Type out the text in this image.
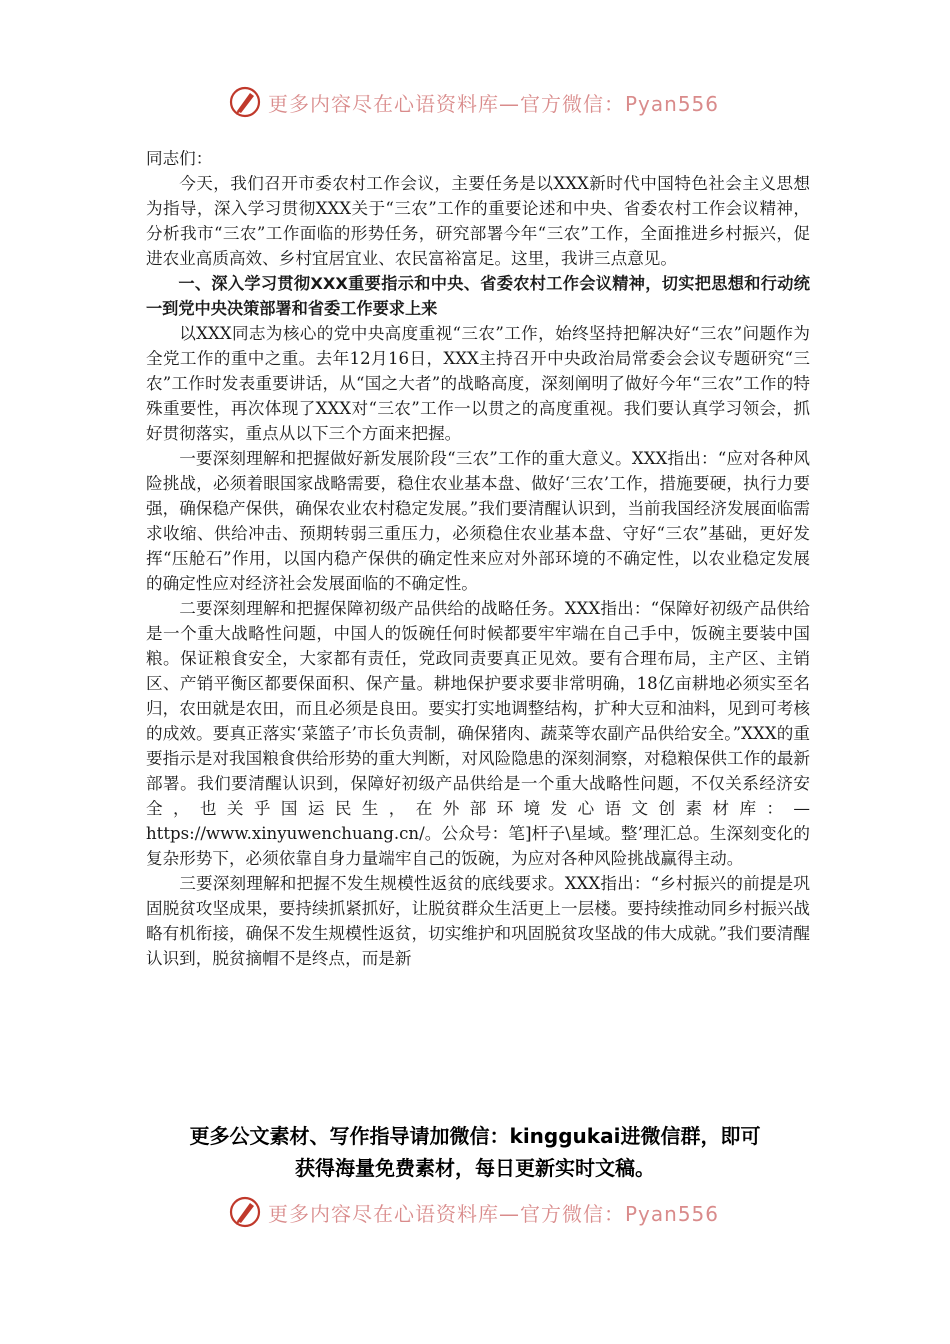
更多内容尽在心语资料库—官方微信：Pyan556

同志们：

今天，我们召开市委农村工作会议，主要任务是以XXX新时代中国特色社会主义思想为指导，深入学习贯彻XXX关于“三农”工作的重要论述和中央、省委农村工作会议精神，分析我市“三农”工作面临的形势任务，研究部署今年“三农”工作，全面推进乡村振兴，促进农业高质高效、乡村宜居宜业、农民富裕富足。这里，我讲三点意见。

一、深入学习贯彻XXX重要指示和中央、省委农村工作会议精神，切实把思想和行动统一到党中央决策部署和省委工作要求上来

以XXX同志为核心的党中央高度重视“三农”工作，始终坚持把解决好“三农”问题作为全党工作的重中之重。去年12月16日，XXX主持召开中央政治局常委会会议专题研究“三农”工作时发表重要讲话，从“国之大者”的战略高度，深刻阐明了做好今年“三农”工作的特殊重要性，再次体现了XXX对“三农”工作一以贯之的高度重视。我们要认真学习领会，抓好贯彻落实，重点从以下三个方面来把握。

一要深刻理解和把握做好新发展阶段“三农”工作的重大意义。XXX指出：“应对各种风险挑战，必须着眼国家战略需要，稳住农业基本盘、做好‘三农’工作，措施要硬，执行力要强，确保稳产保供，确保农业农村稳定发展。”我们要清醒认识到，当前我国经济发展面临需求收缩、供给冲击、预期转弱三重压力，必须稳住农业基本盘、守好“三农”基础，更好发挥“压舱石”作用，以国内稳产保供的确定性来应对外部环境的不确定性，以农业稳定发展的确定性应对经济社会发展面临的不确定性。

二要深刻理解和把握保障初级产品供给的战略任务。XXX指出：“保障好初级产品供给是一个重大战略性问题，中国人的饭碗任何时候都要牢牢端在自己手中，饭碗主要装中国粮。保证粮食安全，大家都有责任，党政同责要真正见效。要有合理布局，主产区、主销区、产销平衡区都要保面积、保产量。耕地保护要求要非常明确，18亿亩耕地必须实至名归，农田就是农田，而且必须是良田。要实打实地调整结构，扩种大豆和油料，见到可考核的成效。要真正落实‘菜篮子’市长负责制，确保猪肉、蔬菜等农副产品供给安全。”XXX的重要指示是对我国粮食供给形势的重大判断，对风险隐患的深刻洞察，对稳粮保供工作的最新部署。我们要清醒认识到，保障好初级产品供给是一个重大战略性问题，不仅关系经济安全，也关乎国运民生，在外部环境发心语文创素材库：—https://www.xinyuwenchuang.cn/。公众号：笔]杆子\星域。整’理汇总。生深刻变化的复杂形势下，必须依靠自身力量端牢自己的饭碗，为应对各种风险挑战赢得主动。

三要深刻理解和把握不发生规模性返贫的底线要求。XXX指出：“乡村振兴的前提是巩固脱贫攻坚成果，要持续抓紧抓好，让脱贫群众生活更上一层楼。要持续推动同乡村振兴战略有机衔接，确保不发生规模性返贫，切实维护和巩固脱贫攻坚战的伟大成就。”我们要清醒认识到，脱贫摘帽不是终点，而是新

更多公文素材、写作指导请加微信：kinggukai进微信群，即可
获得海量免费素材，每日更新实时文稿。
更多内容尽在心语资料库—官方微信：Pyan556
